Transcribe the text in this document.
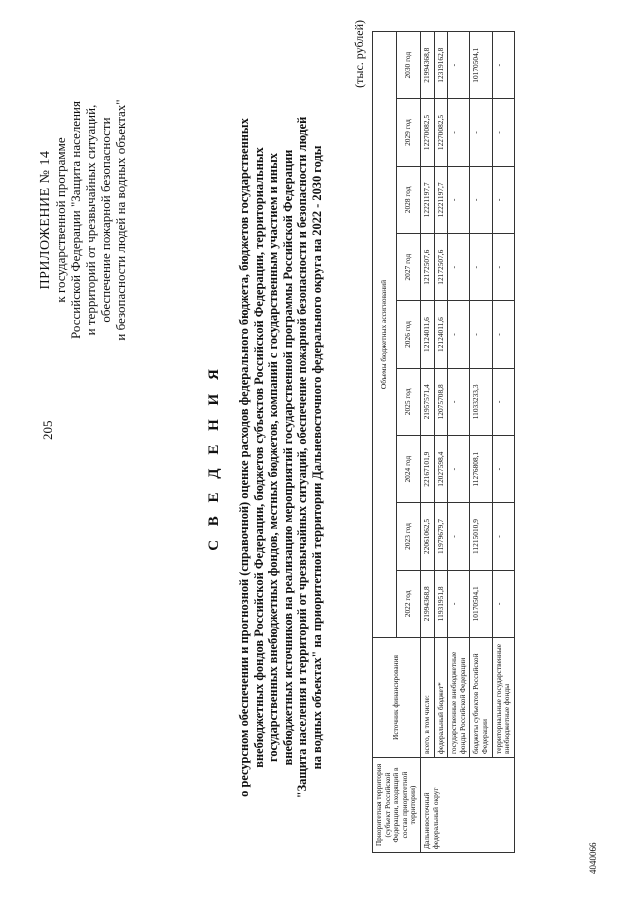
205
4040066
ПРИЛОЖЕНИЕ № 14 к государственной программе Российской Федерации "Защита населения и территорий от чрезвычайных ситуаций, обеспечение пожарной безопасности и безопасности людей на водных объектах"
С В Е Д Е Н И Я о ресурсном обеспечении и прогнозной (справочной) оценке расходов федерального бюджета, бюджетов государственных внебюджетных фондов Российской Федерации, бюджетов субъектов Российской Федерации, территориальных государственных внебюджетных фондов, местных бюджетов, компаний с государственным участием и иных внебюджетных источников на реализацию мероприятий государственной программы Российской Федерации "Защита населения и территорий от чрезвычайных ситуаций, обеспечение пожарной безопасности и безопасности людей на водных объектах" на приоритетной территории Дальневосточного федерального округа на 2022 - 2030 годы
(тыс. рублей)
Приоритетная территория (субъект Российской Федерации, входящий в состав приоритетной территории)	Источник финансирования	Объемы бюджетных ассигнований								
		2022 год	2023 год	2024 год	2025 год	2026 год	2027 год	2028 год	2029 год	2030 год
Дальневосточный федеральный округ	всего, в том числе:	21994368,8	22061062,5	22167101,9	21957571,4	12124011,6	12172507,6	12221197,7	12270082,5	21994368,8
	федеральный бюджет*	11931951,8	11979679,7	12027598,4	12075708,8	12124011,6	12172507,6	12221197,7	12270082,5	12319162,8
	государственные внебюджетные фонды Российской Федерации	-	-	-	-	-	-	-	-	-
	бюджеты субъектов Российской Федерации	10170504,1	11215010,9	11276808,1	11033233,3	-	-	-	-	10170504,1
	территориальные государственные внебюджетные фонды	-	-	-	-	-	-	-	-	-
